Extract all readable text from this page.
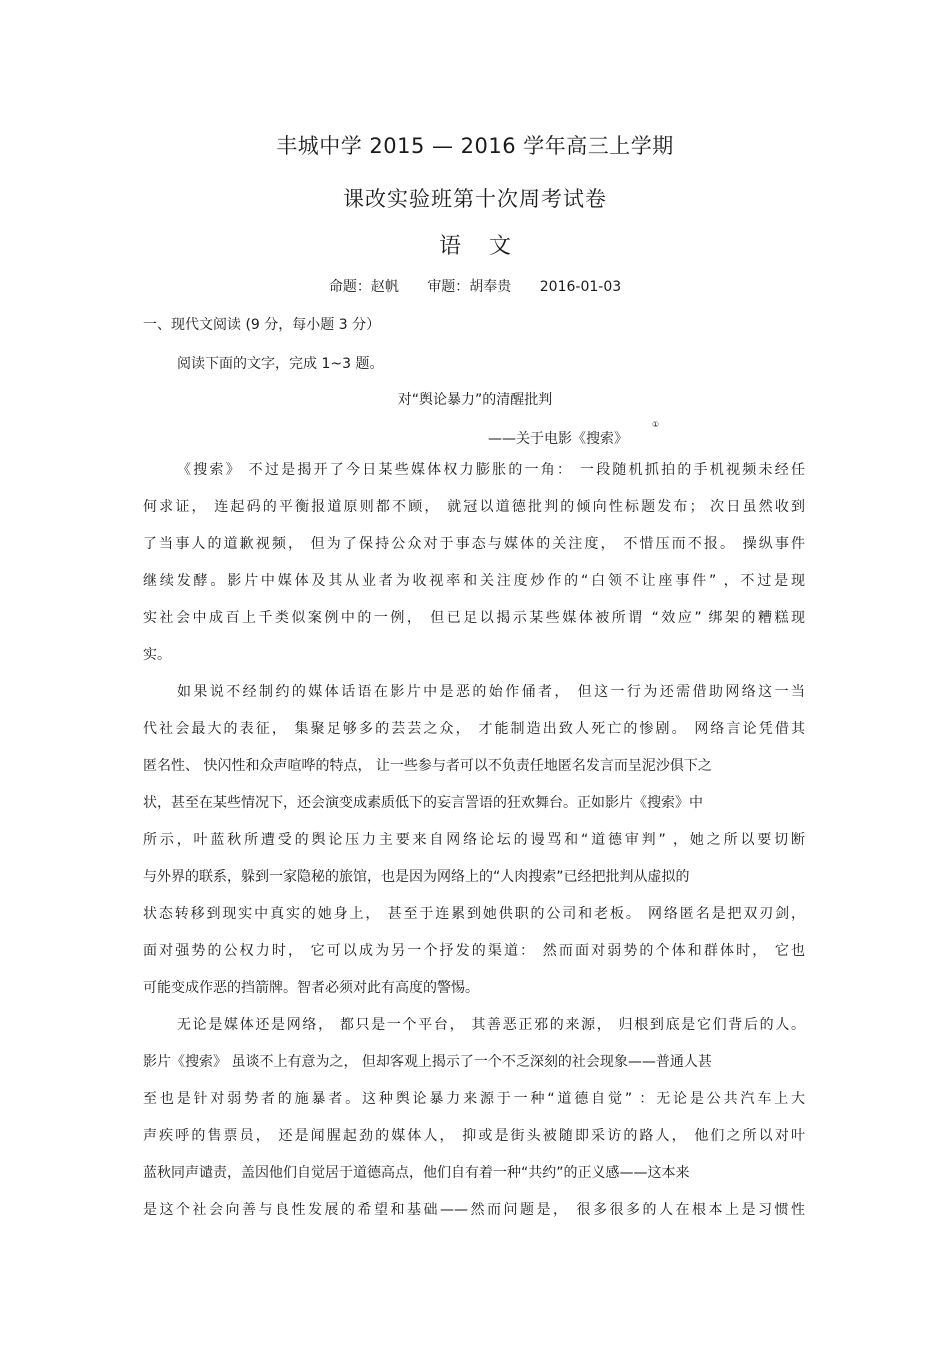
丰城中学 2015 — 2016 学年高三上学期
课改实验班第十次周考试卷
语文
命题：赵帆 审题：胡奉贵 2016-01-03
一、现代文阅读 (9 分，每小题 3 分）
阅读下面的文字，完成 1~3 题。
对“舆论暴力”的清醒批判
——关于电影《搜索》①
《搜索》 不过是揭开了今日某些媒体权力膨胀的一角： 一段随机抓拍的手机视频未经任
何求证， 连起码的平衡报道原则都不顾， 就冠以道德批判的倾向性标题发布； 次日虽然收到
了当事人的道歉视频， 但为了保持公众对于事态与媒体的关注度， 不惜压而不报。 操纵事件
继续发酵。影片中媒体及其从业者为收视率和关注度炒作的“白领不让座事件” ，不过是现
实社会中成百上千类似案例中的一例， 但已足以揭示某些媒体被所谓 “效应” 绑架的糟糕现
实。
如果说不经制约的媒体话语在影片中是恶的始作俑者， 但这一行为还需借助网络这一当
代社会最大的表征， 集聚足够多的芸芸之众， 才能制造出致人死亡的惨剧。 网络言论凭借其
匿名性、 快闪性和众声喧哗的特点， 让一些参与者可以不负责任地匿名发言而呈泥沙俱下之
状，甚至在某些情况下，还会演变成素质低下的妄言詈语的狂欢舞台。正如影片《搜索》中
所示，叶蓝秋所遭受的舆论压力主要来自网络论坛的谩骂和“道德审判” ，她之所以要切断
与外界的联系，躲到一家隐秘的旅馆，也是因为网络上的“人肉搜索”已经把批判从虚拟的
状态转移到现实中真实的她身上， 甚至于连累到她供职的公司和老板。 网络匿名是把双刃剑，
面对强势的公权力时， 它可以成为另一个抒发的渠道： 然而面对弱势的个体和群体时， 它也
可能变成作恶的挡箭牌。智者必须对此有高度的警惕。
无论是媒体还是网络， 都只是一个平台， 其善恶正邪的来源， 归根到底是它们背后的人。
影片《搜索》 虽谈不上有意为之， 但却客观上揭示了一个不乏深刻的社会现象——普通人甚
至也是针对弱势者的施暴者。这种舆论暴力来源于一种“道德自觉” ：无论是公共汽车上大
声疾呼的售票员， 还是闻腥起劲的媒体人， 抑或是街头被随即采访的路人， 他们之所以对叶
蓝秋同声谴责，盖因他们自觉居于道德高点，他们自有着一种“共约”的正义感——这本来
是这个社会向善与良性发展的希望和基础——然而问题是， 很多很多的人在根本上是习惯性
